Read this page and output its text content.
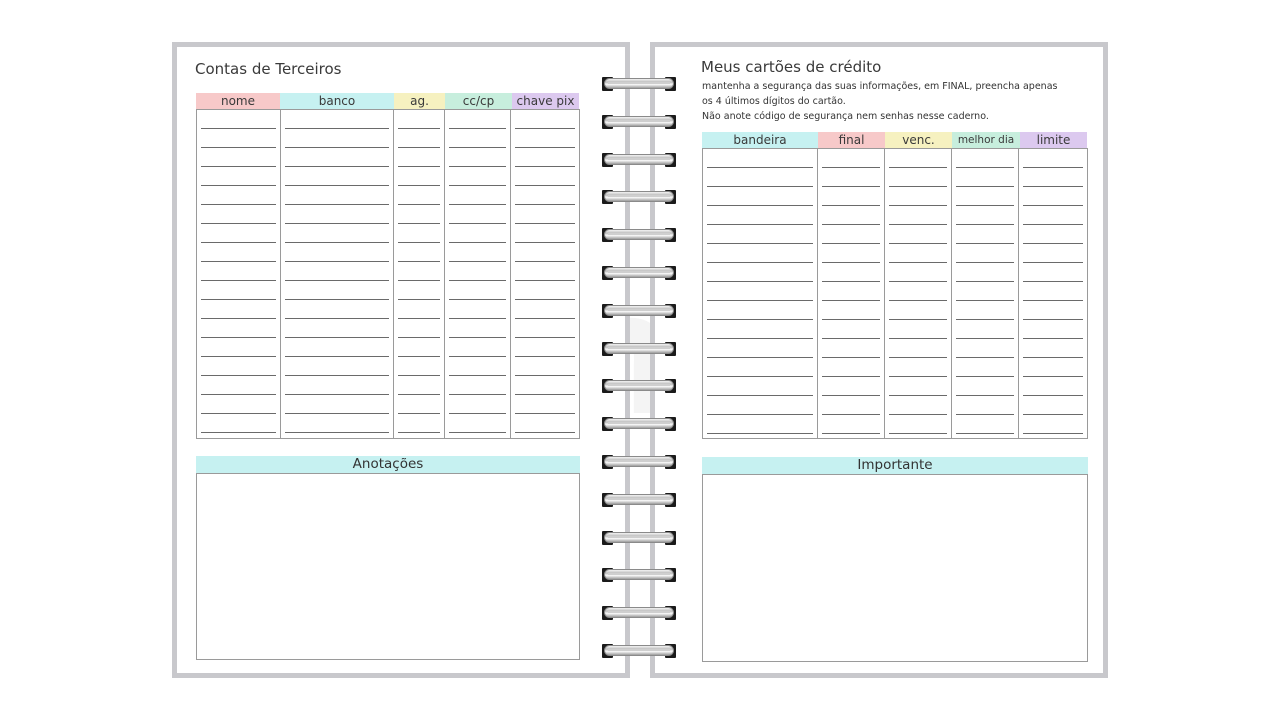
Contas de Terceiros
nome	banco	ag.	cc/cp	chave pix
Anotações
Meus cartões de crédito
mantenha a segurança das suas informações, em FINAL, preencha apenas
os 4 últimos dígitos do cartão.
Não anote código de segurança nem senhas nesse caderno.
bandeira	final	venc.	melhor dia	limite
Importante
